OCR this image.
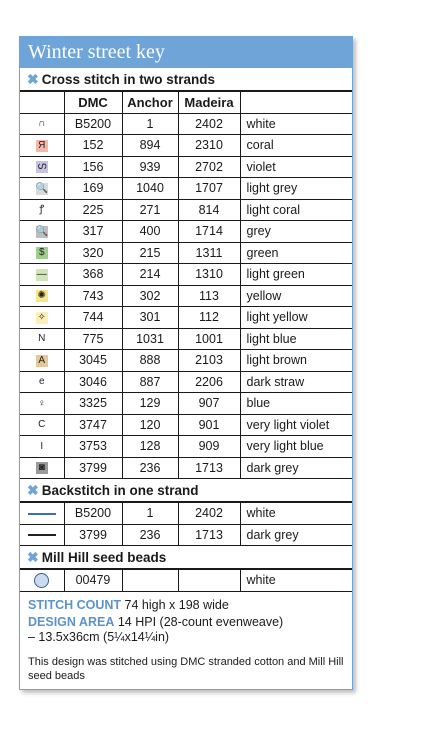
Winter street key
✖ Cross stitch in two strands
	DMC	Anchor	Madeira	
∩	B5200	1	2402	white
Я	152	894	2310	coral
ഗ	156	939	2702	violet
🔍	169	1040	1707	light grey
ꝭ	225	271	814	light coral
🔍	317	400	1714	grey
$	320	215	1311	green
—	368	214	1310	light green
✺	743	302	113	yellow
✧	744	301	112	light yellow
N	775	1031	1001	light blue
A	3045	888	2103	light brown
e	3046	887	2206	dark straw
♀	3325	129	907	blue
C	3747	120	901	very light violet
I	3753	128	909	very light blue
◙	3799	236	1713	dark grey
✖ Backstitch in one strand
	B5200	1	2402	white
	3799	236	1713	dark grey
✖ Mill Hill seed beads
	00479			white
STITCH COUNT 74 high x 198 wide
DESIGN AREA 14 HPI (28-count evenweave)
– 13.5x36cm (5¼x14¼in)
This design was stitched using DMC stranded cotton and Mill Hill seed beads
